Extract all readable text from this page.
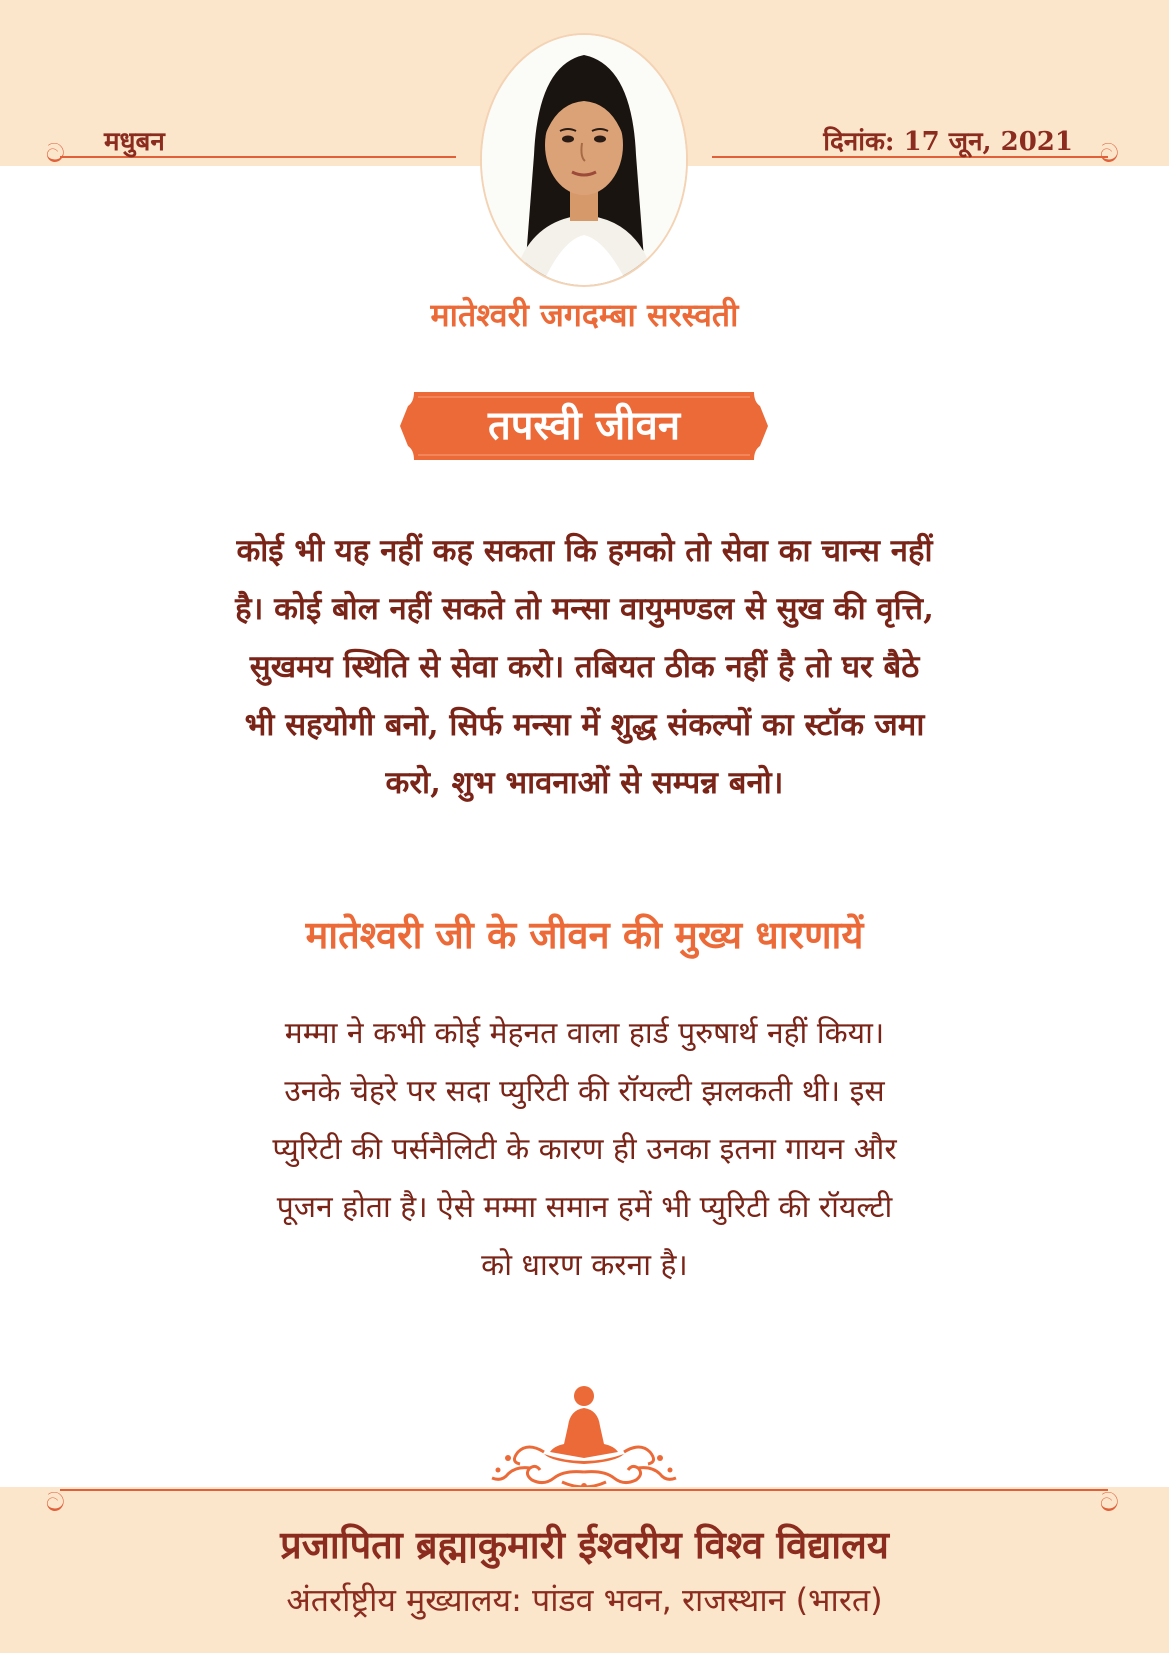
ට	ට
मधुबन	दिनांक: 17 जून, 2021
मातेश्वरी जगदम्बा सरस्वती
तपस्वी जीवन
कोई भी यह नहीं कह सकता कि हमको तो सेवा का चान्स नहीं है। कोई बोल नहीं सकते तो मन्सा वायुमण्डल से सुख की वृत्ति, सुखमय स्थिति से सेवा करो। तबियत ठीक नहीं है तो घर बैठे भी सहयोगी बनो, सिर्फ मन्सा में शुद्ध संकल्पों का स्टॉक जमा करो, शुभ भावनाओं से सम्पन्न बनो।
मातेश्वरी जी के जीवन की मुख्य धारणायें
मम्मा ने कभी कोई मेहनत वाला हार्ड पुरुषार्थ नहीं किया। उनके चेहरे पर सदा प्युरिटी की रॉयल्टी झलकती थी। इस प्युरिटी की पर्सनैलिटी के कारण ही उनका इतना गायन और पूजन होता है। ऐसे मम्मा समान हमें भी प्युरिटी की रॉयल्टी को धारण करना है।
ට	ට
प्रजापिता ब्रह्माकुमारी ईश्वरीय विश्व विद्यालय
अंतर्राष्ट्रीय मुख्यालय: पांडव भवन, राजस्थान (भारत)
